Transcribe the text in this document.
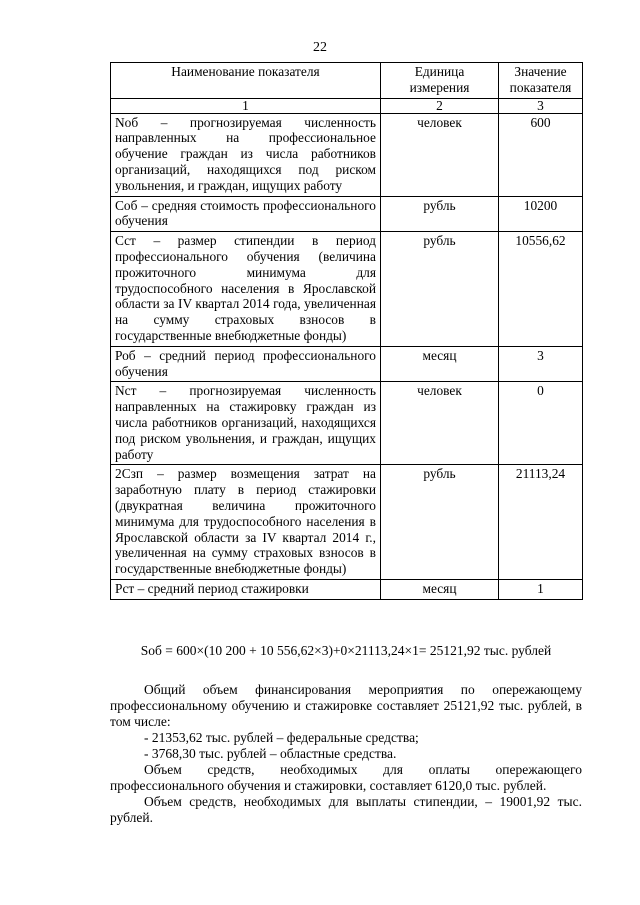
22
Наименование показателя	Единица измерения	Значение показателя
1	2	3
Nоб – прогнозируемая численность направленных на профессиональное обучение граждан из числа работников организаций, находящихся под риском увольнения, и граждан, ищущих работу	человек	600
Соб – средняя стоимость профессионального обучения	рубль	10200
Сст – размер стипендии в период профессионального обучения (величина прожиточного минимума для трудоспособного населения в Ярославской области за IV квартал 2014 года, увеличенная на сумму страховых взносов в государственные внебюджетные фонды)	рубль	10556,62
Роб – средний период профессионального обучения	месяц	3
Nст – прогнозируемая численность направленных на стажировку граждан из числа работников организаций, находящихся под риском увольнения, и граждан, ищущих работу	человек	0
2Сзп – размер возмещения затрат на заработную плату в период стажировки (двукратная величина прожиточного минимума для трудоспособного населения в Ярославской области за IV квартал 2014 г., увеличенная на сумму страховых взносов в государственные внебюджетные фонды)	рубль	21113,24
Рст – средний период стажировки	месяц	1
Sоб = 600×(10 200 + 10 556,62×3)+0×21113,24×1= 25121,92 тыс. рублей

Общий объем финансирования мероприятия по опережающему профессиональному обучению и стажировке составляет 25121,92 тыс. рублей, в том числе:

- 21353,62 тыс. рублей – федеральные средства;

- 3768,30 тыс. рублей – областные средства.

Объем средств, необходимых для оплаты опережающего профессионального обучения и стажировки, составляет 6120,0 тыс. рублей.

Объем средств, необходимых для выплаты стипендии, – 19001,92 тыс. рублей.
